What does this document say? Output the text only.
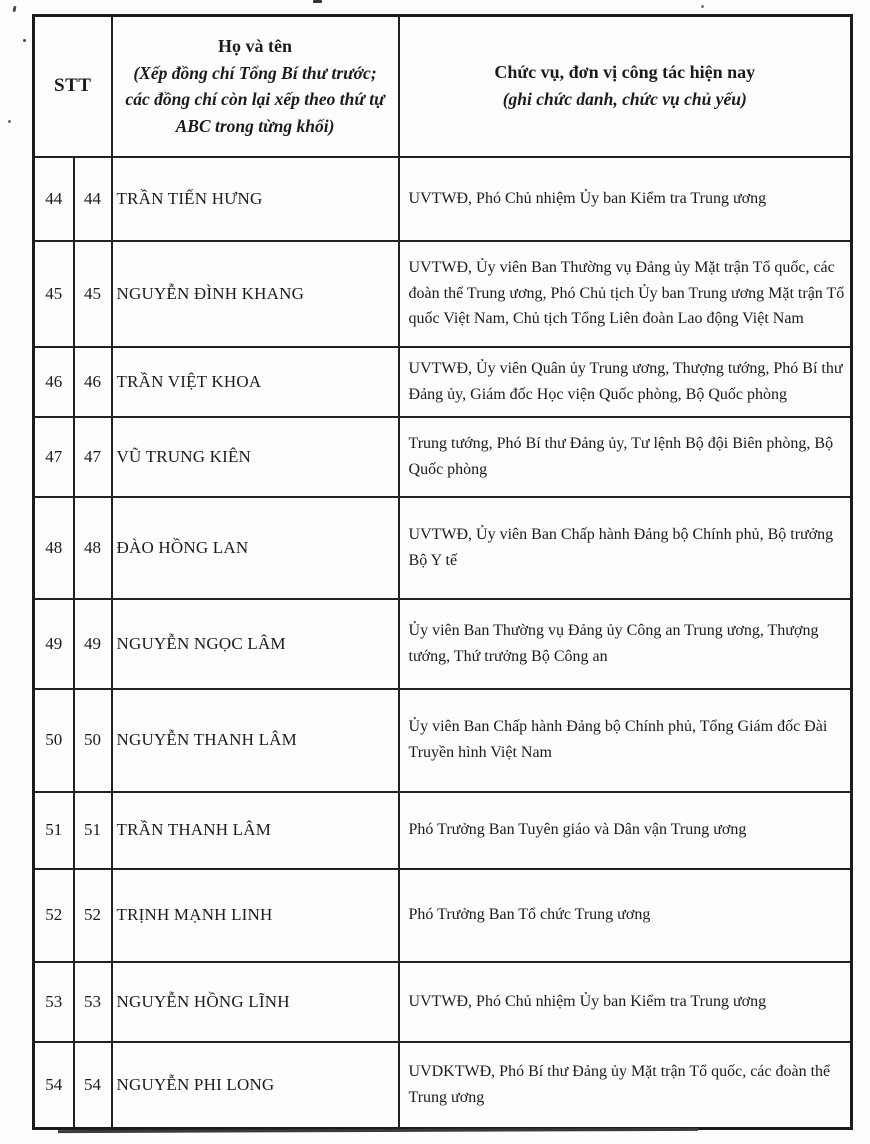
STT	
Họ và tên
(Xếp đồng chí Tổng Bí thư trước;
các đồng chí còn lại xếp theo thứ tự
ABC trong từng khối)

Chức vụ, đơn vị công tác hiện nay
(ghi chức danh, chức vụ chủ yếu)

44	44	TRẦN TIẾN HƯNG	UVTWĐ, Phó Chủ nhiệm Ủy ban Kiểm tra Trung ương
45	45	NGUYỄN ĐÌNH KHANG	UVTWĐ, Ủy viên Ban Thường vụ Đảng ủy Mặt trận Tổ quốc, các đoàn thể Trung ương, Phó Chủ tịch Ủy ban Trung ương Mặt trận Tổ quốc Việt Nam, Chủ tịch Tổng Liên đoàn Lao động Việt Nam
46	46	TRẦN VIỆT KHOA	UVTWĐ, Ủy viên Quân ủy Trung ương, Thượng tướng, Phó Bí thư Đảng ủy, Giám đốc Học viện Quốc phòng, Bộ Quốc phòng
47	47	VŨ TRUNG KIÊN	Trung tướng, Phó Bí thư Đảng ủy, Tư lệnh Bộ đội Biên phòng, Bộ Quốc phòng
48	48	ĐÀO HỒNG LAN	UVTWĐ, Ủy viên Ban Chấp hành Đảng bộ Chính phủ, Bộ trưởng Bộ Y tế
49	49	NGUYỄN NGỌC LÂM	Ủy viên Ban Thường vụ Đảng ủy Công an Trung ương, Thượng tướng, Thứ trưởng Bộ Công an
50	50	NGUYỄN THANH LÂM	Ủy viên Ban Chấp hành Đảng bộ Chính phủ, Tổng Giám đốc Đài Truyền hình Việt Nam
51	51	TRẦN THANH LÂM	Phó Trưởng Ban Tuyên giáo và Dân vận Trung ương
52	52	TRỊNH MẠNH LINH	Phó Trưởng Ban Tổ chức Trung ương
53	53	NGUYỄN HỒNG LĨNH	UVTWĐ, Phó Chủ nhiệm Ủy ban Kiểm tra Trung ương
54	54	NGUYỄN PHI LONG	UVDKTWĐ, Phó Bí thư Đảng ủy Mặt trận Tổ quốc, các đoàn thể Trung ương
